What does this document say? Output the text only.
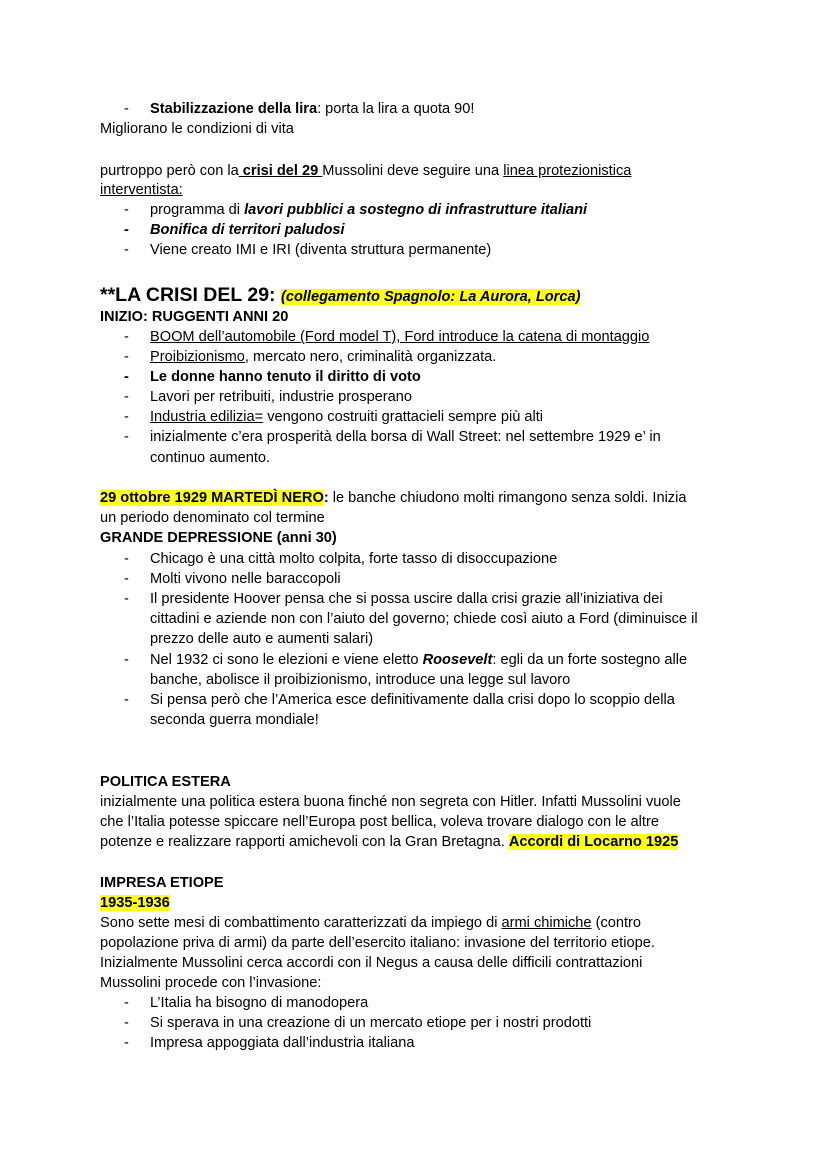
- Stabilizzazione della lira: porta la lira a quota 90!
Migliorano le condizioni di vita
purtroppo però con la crisi del 29 Mussolini deve seguire una linea protezionistica
interventista:
- programma di lavori pubblici a sostegno di infrastrutture italiani
- Bonifica di territori paludosi
- Viene creato IMI e IRI (diventa struttura permanente)
**LA CRISI DEL 29: (collegamento Spagnolo: La Aurora, Lorca)
INIZIO: RUGGENTI ANNI 20
- BOOM dell’automobile (Ford model T), Ford introduce la catena di montaggio
- Proibizionismo, mercato nero, criminalità organizzata.
- Le donne hanno tenuto il diritto di voto
- Lavori per retribuiti, industrie prosperano
- Industria edilizia= vengono costruiti grattacieli sempre più alti
- inizialmente c’era prosperità della borsa di Wall Street: nel settembre 1929 e’ in
continuo aumento.
29 ottobre 1929 MARTEDÌ NERO: le banche chiudono molti rimangono senza soldi. Inizia
un periodo denominato col termine
GRANDE DEPRESSIONE (anni 30)
- Chicago è una città molto colpita, forte tasso di disoccupazione
- Molti vivono nelle baraccopoli
- Il presidente Hoover pensa che si possa uscire dalla crisi grazie all’iniziativa dei
cittadini e aziende non con l’aiuto del governo; chiede così aiuto a Ford (diminuisce il
prezzo delle auto e aumenti salari)
- Nel 1932 ci sono le elezioni e viene eletto Roosevelt: egli da un forte sostegno alle
banche, abolisce il proibizionismo, introduce una legge sul lavoro
- Si pensa però che l’America esce definitivamente dalla crisi dopo lo scoppio della
seconda guerra mondiale!
POLITICA ESTERA
inizialmente una politica estera buona finché non segreta con Hitler. Infatti Mussolini vuole
che l’Italia potesse spiccare nell’Europa post bellica, voleva trovare dialogo con le altre
potenze e realizzare rapporti amichevoli con la Gran Bretagna. Accordi di Locarno 1925
IMPRESA ETIOPE
1935-1936
Sono sette mesi di combattimento caratterizzati da impiego di armi chimiche (contro
popolazione priva di armi) da parte dell’esercito italiano: invasione del territorio etiope.
Inizialmente Mussolini cerca accordi con il Negus a causa delle difficili contrattazioni
Mussolini procede con l’invasione:
- L’Italia ha bisogno di manodopera
- Si sperava in una creazione di un mercato etiope per i nostri prodotti
- Impresa appoggiata dall’industria italiana
